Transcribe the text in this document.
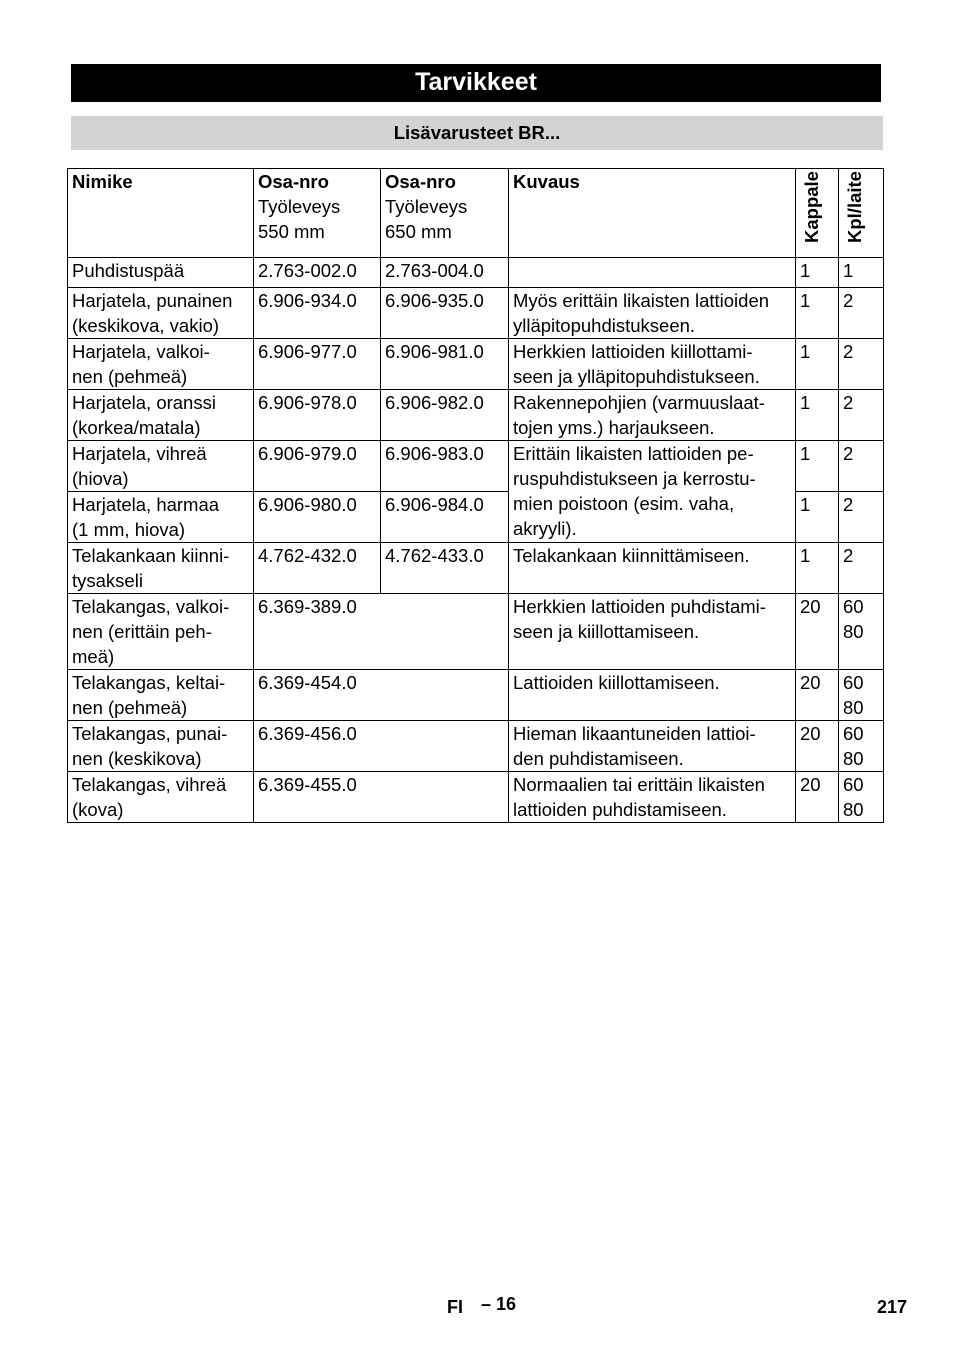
Tarvikkeet
Lisävarusteet BR...
Nimike	Osa-nro
Työleveys
550 mm	Osa-nro
Työleveys
650 mm	Kuvaus	Kappale	Kpl/laite

Puhdistuspää	2.763-002.0	2.763-004.0		1	1
Harjatela, punainen
(keskikova, vakio)	6.906-934.0	6.906-935.0	Myös erittäin likaisten lattioiden
ylläpitopuhdistukseen.	1	2
Harjatela, valkoi-
nen (pehmeä)	6.906-977.0	6.906-981.0	Herkkien lattioiden kiillottami-
seen ja ylläpitopuhdistukseen.	1	2
Harjatela, oranssi
(korkea/matala)	6.906-978.0	6.906-982.0	Rakennepohjien (varmuuslaat-
tojen yms.) harjaukseen.	1	2
Harjatela, vihreä
(hiova)	6.906-979.0	6.906-983.0	Erittäin likaisten lattioiden pe-
ruspuhdistukseen ja kerrostu-
mien poistoon (esim. vaha,
akryyli).	1	2
Harjatela, harmaa
(1 mm, hiova)	6.906-980.0	6.906-984.0		1	2
Telakankaan kiinni-
tysakseli	4.762-432.0	4.762-433.0	Telakankaan kiinnittämiseen.	1	2
Telakangas, valkoi-
nen (erittäin peh-
meä)	6.369-389.0		Herkkien lattioiden puhdistami-
seen ja kiillottamiseen.	20	60
80
Telakangas, keltai-
nen (pehmeä)	6.369-454.0		Lattioiden kiillottamiseen.	20	60
80
Telakangas, punai-
nen (keskikova)	6.369-456.0		Hieman likaantuneiden lattioi-
den puhdistamiseen.	20	60
80
Telakangas, vihreä
(kova)	6.369-455.0		Normaalien tai erittäin likaisten
lattioiden puhdistamiseen.	20	60
80
FI – 16	217
